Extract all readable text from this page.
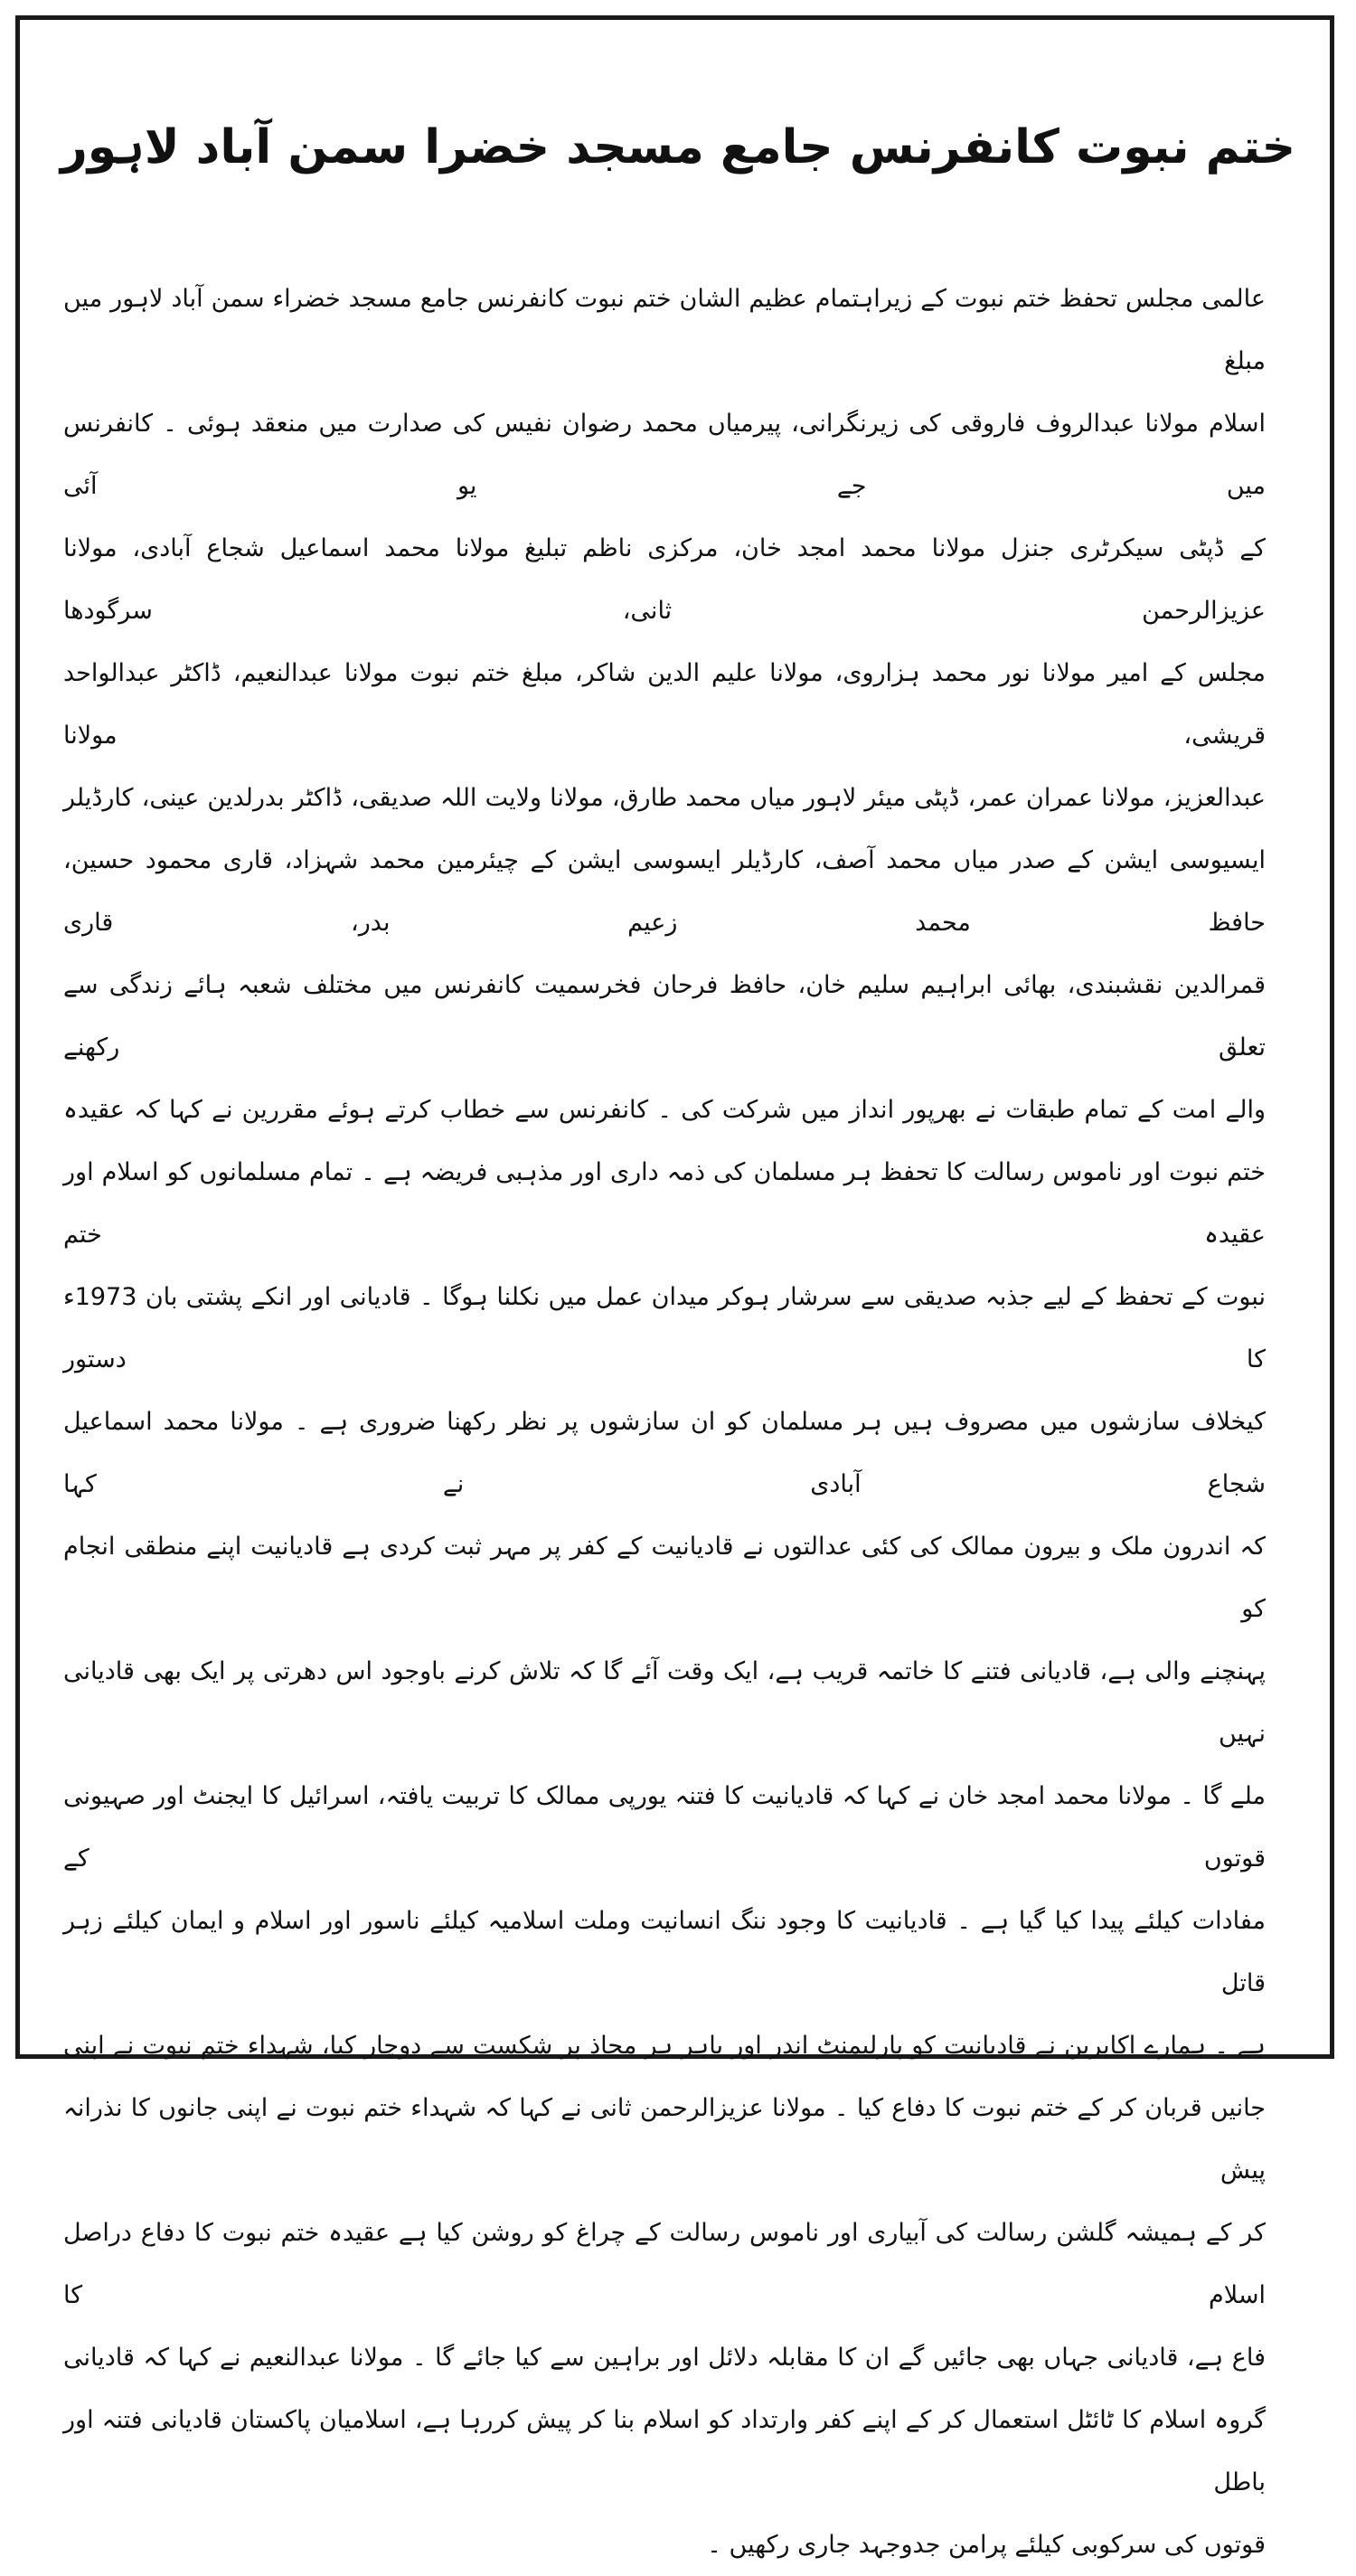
ختم نبوت کانفرنس جامع مسجد خضرا سمن آباد لاہور
عالمی مجلس تحفظ ختم نبوت کے زیراہتمام عظیم الشان ختم نبوت کانفرنس جامع مسجد خضراء سمن آباد لاہور میں مبلغ
اسلام مولانا عبدالروف فاروقی کی زیرنگرانی، پیرمیاں محمد رضوان نفیس کی صدارت میں منعقد ہوئی ۔ کانفرنس میں جے یو آئی
کے ڈپٹی سیکرٹری جنزل مولانا محمد امجد خان، مرکزی ناظم تبلیغ مولانا محمد اسماعیل شجاع آبادی، مولانا عزیزالرحمن ثانی، سرگودھا
مجلس کے امیر مولانا نور محمد ہزاروی، مولانا علیم الدین شاکر، مبلغ ختم نبوت مولانا عبدالنعیم، ڈاکٹر عبدالواحد قریشی، مولانا
عبدالعزیز، مولانا عمران عمر، ڈپٹی میئر لاہور میاں محمد طارق، مولانا ولایت اللہ صدیقی، ڈاکٹر بدرلدین عینی، کارڈیلر
ایسیوسی ایشن کے صدر میاں محمد آصف، کارڈیلر ایسوسی ایشن کے چیئرمین محمد شہزاد، قاری محمود حسین، حافظ محمد زعیم بدر، قاری
قمرالدین نقشبندی، بھائی ابراہیم سلیم خان، حافظ فرحان فخرسمیت کانفرنس میں مختلف شعبہ ہائے زندگی سے تعلق رکھنے
والے امت کے تمام طبقات نے بھرپور انداز میں شرکت کی ۔ کانفرنس سے خطاب کرتے ہوئے مقررین نے کہا کہ عقیدہ
ختم نبوت اور ناموس رسالت کا تحفظ ہر مسلمان کی ذمہ داری اور مذہبی فریضہ ہے ۔ تمام مسلمانوں کو اسلام اور عقیدہ ختم
نبوت کے تحفظ کے لیے جذبہ صدیقی سے سرشار ہوکر میدان عمل میں نکلنا ہوگا ۔ قادیانی اور انکے پشتی بان 1973ء کا دستور
کیخلاف سازشوں میں مصروف ہیں ہر مسلمان کو ان سازشوں پر نظر رکھنا ضروری ہے ۔ مولانا محمد اسماعیل شجاع آبادی نے کہا
کہ اندرون ملک و بیرون ممالک کی کئی عدالتوں نے قادیانیت کے کفر پر مہر ثبت کردی ہے قادیانیت اپنے منطقی انجام کو
پہنچنے والی ہے، قادیانی فتنے کا خاتمہ قریب ہے، ایک وقت آئے گا کہ تلاش کرنے باوجود اس دھرتی پر ایک بھی قادیانی نہیں
ملے گا ۔ مولانا محمد امجد خان نے کہا کہ قادیانیت کا فتنہ یورپی ممالک کا تربیت یافتہ، اسرائیل کا ایجنٹ اور صہیونی قوتوں کے
مفادات کیلئے پیدا کیا گیا ہے ۔ قادیانیت کا وجود ننگ انسانیت وملت اسلامیہ کیلئے ناسور اور اسلام و ایمان کیلئے زہر قاتل
ہے ۔ ہمارے اکابرین نے قادیانیت کو پارلیمنٹ اندر اور باہر ہر محاذ پر شکست سے دوچار کیا، شہداء ختم نبوت نے اپنی
جانیں قربان کر کے ختم نبوت کا دفاع کیا ۔ مولانا عزیزالرحمن ثانی نے کہا کہ شہداء ختم نبوت نے اپنی جانوں کا نذرانہ پیش
کر کے ہمیشہ گلشن رسالت کی آبیاری اور ناموس رسالت کے چراغ کو روشن کیا ہے عقیدہ ختم نبوت کا دفاع دراصل اسلام کا
فاع ہے، قادیانی جہاں بھی جائیں گے ان کا مقابلہ دلائل اور براہین سے کیا جائے گا ۔ مولانا عبدالنعیم نے کہا کہ قادیانی
گروہ اسلام کا ٹائٹل استعمال کر کے اپنے کفر وارتداد کو اسلام بنا کر پیش کررہا ہے، اسلامیان پاکستان قادیانی فتنہ اور باطل
قوتوں کی سرکوبی کیلئے پرامن جدوجہد جاری رکھیں ۔
